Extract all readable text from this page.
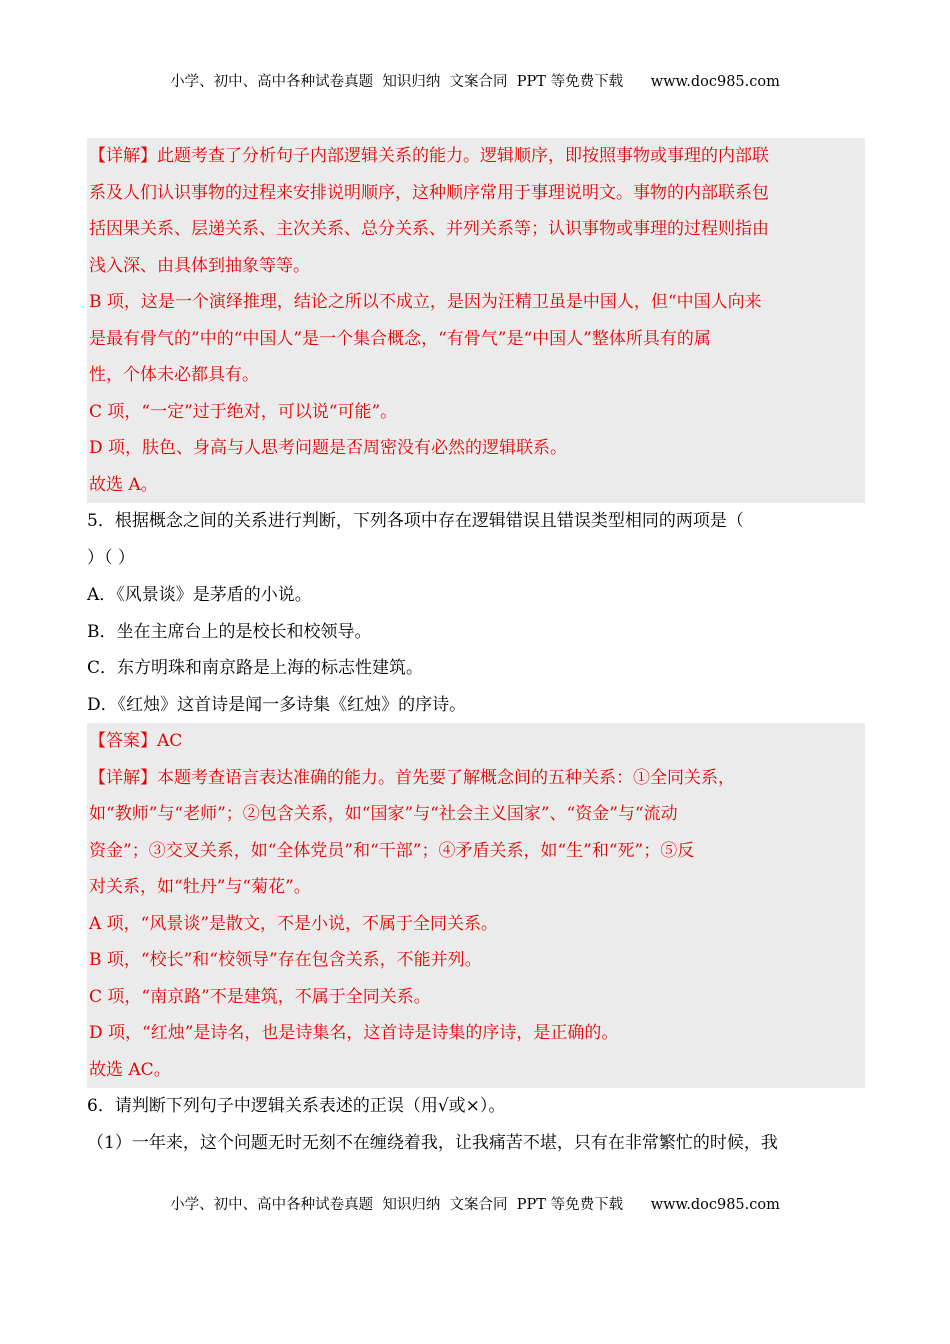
小学、初中、高中各种试卷真题  知识归纳  文案合同  PPT 等免费下载      www.doc985.com

【详解】此题考查了分析句子内部逻辑关系的能力。逻辑顺序，即按照事物或事理的内部联

系及人们认识事物的过程来安排说明顺序，这种顺序常用于事理说明文。事物的内部联系包

括因果关系、层递关系、主次关系、总分关系、并列关系等；认识事物或事理的过程则指由

浅入深、由具体到抽象等等。

B 项，这是一个演绎推理，结论之所以不成立，是因为汪精卫虽是中国人，但“中国人向来

是最有骨气的”中的“中国人”是一个集合概念，“有骨气”是“中国人”整体所具有的属

性，个体未必都具有。

C 项，“一定”过于绝对，可以说“可能”。

D 项，肤色、身高与人思考问题是否周密没有必然的逻辑联系。

故选 A。

5．根据概念之间的关系进行判断，下列各项中存在逻辑错误且错误类型相同的两项是（

）（ ）

A．《风景谈》是茅盾的小说。

B．坐在主席台上的是校长和校领导。

C．东方明珠和南京路是上海的标志性建筑。

D．《红烛》这首诗是闻一多诗集《红烛》的序诗。

【答案】AC

【详解】本题考查语言表达准确的能力。首先要了解概念间的五种关系：①全同关系，

如“教师”与“老师”；②包含关系，如“国家”与“社会主义国家”、“资金”与“流动

资金”；③交叉关系，如“全体党员”和“干部”；④矛盾关系，如“生”和“死”；⑤反

对关系，如“牡丹”与“菊花”。

A 项，“风景谈”是散文，不是小说，不属于全同关系。

B 项，“校长”和“校领导”存在包含关系，不能并列。

C 项，“南京路”不是建筑，不属于全同关系。

D 项，“红烛”是诗名，也是诗集名，这首诗是诗集的序诗，是正确的。

故选 AC。

6．请判断下列句子中逻辑关系表述的正误（用√或×）。

（1）一年来，这个问题无时无刻不在缠绕着我，让我痛苦不堪，只有在非常繁忙的时候，我

小学、初中、高中各种试卷真题  知识归纳  文案合同  PPT 等免费下载      www.doc985.com
